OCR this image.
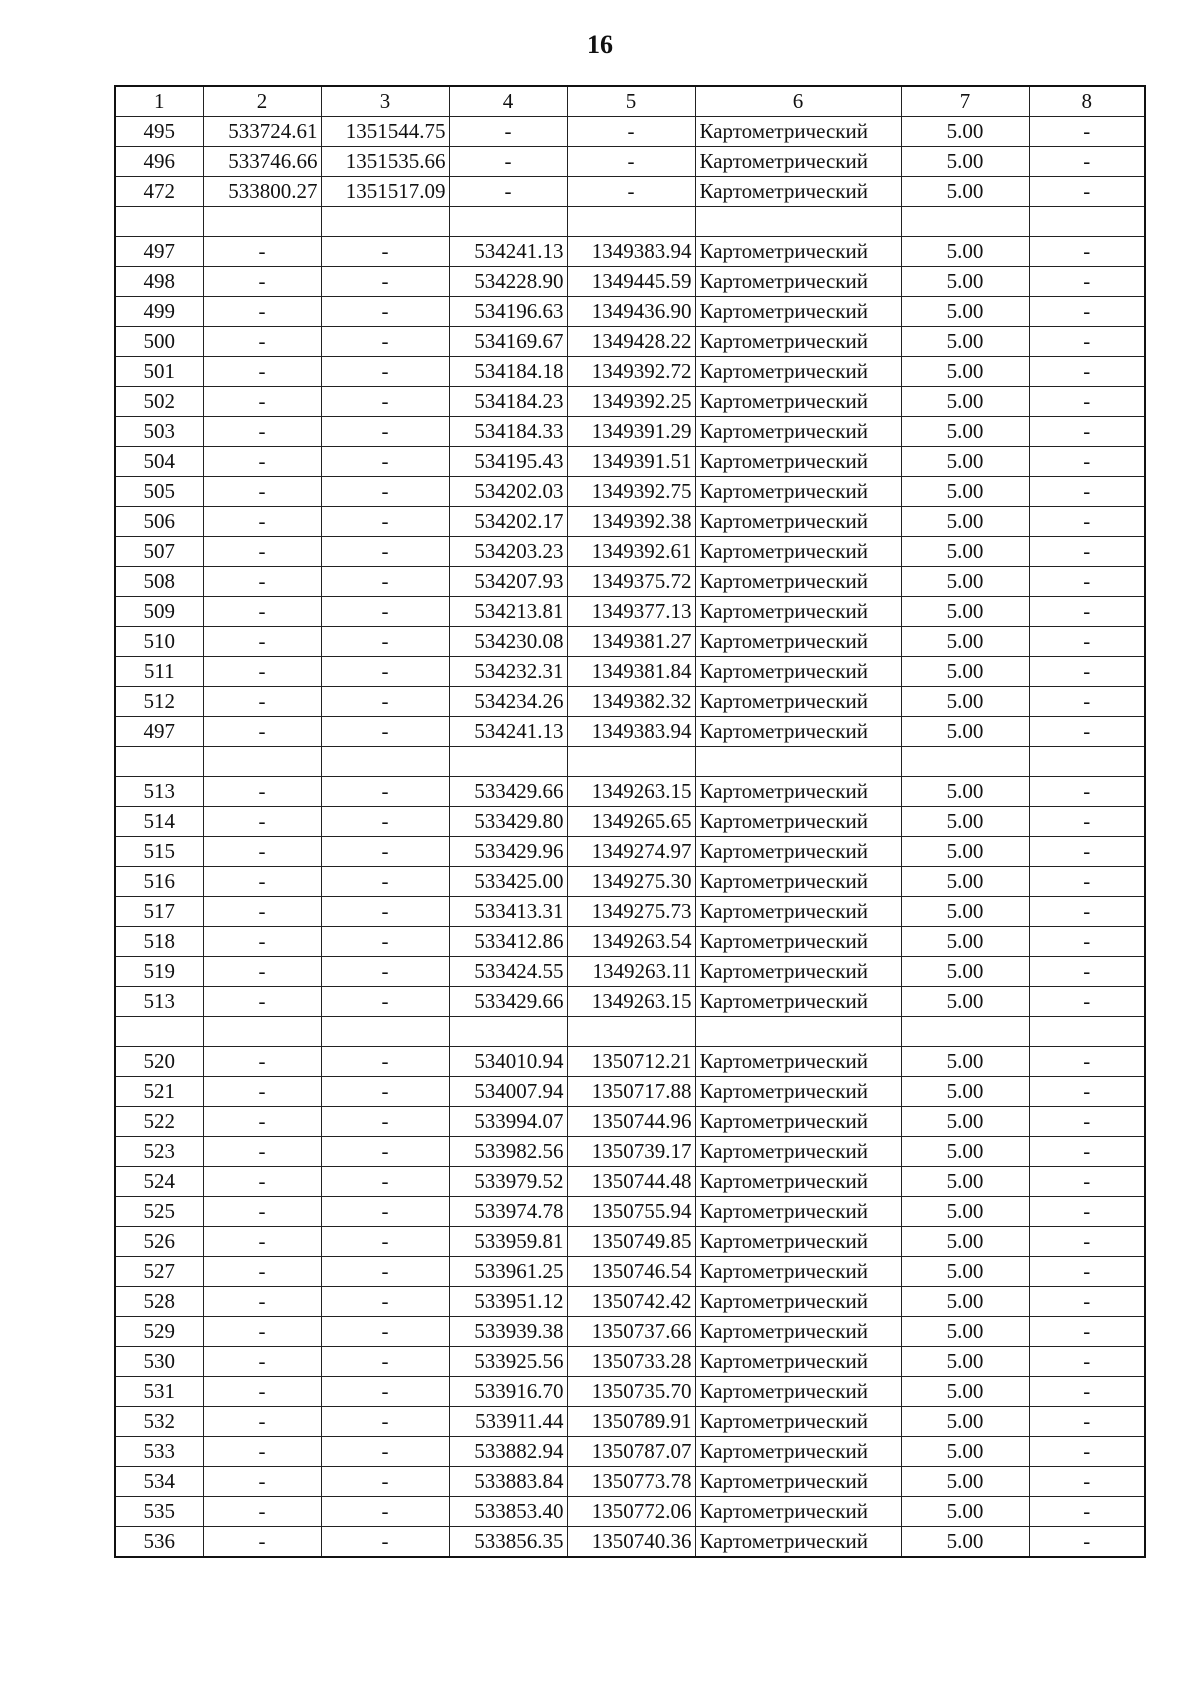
16
1	2	3	4	5	6	7	8
495	533724.61	1351544.75	-	-	Картометрический	5.00	-
496	533746.66	1351535.66	-	-	Картометрический	5.00	-
472	533800.27	1351517.09	-	-	Картометрический	5.00	-

497	-	-	534241.13	1349383.94	Картометрический	5.00	-
498	-	-	534228.90	1349445.59	Картометрический	5.00	-
499	-	-	534196.63	1349436.90	Картометрический	5.00	-
500	-	-	534169.67	1349428.22	Картометрический	5.00	-
501	-	-	534184.18	1349392.72	Картометрический	5.00	-
502	-	-	534184.23	1349392.25	Картометрический	5.00	-
503	-	-	534184.33	1349391.29	Картометрический	5.00	-
504	-	-	534195.43	1349391.51	Картометрический	5.00	-
505	-	-	534202.03	1349392.75	Картометрический	5.00	-
506	-	-	534202.17	1349392.38	Картометрический	5.00	-
507	-	-	534203.23	1349392.61	Картометрический	5.00	-
508	-	-	534207.93	1349375.72	Картометрический	5.00	-
509	-	-	534213.81	1349377.13	Картометрический	5.00	-
510	-	-	534230.08	1349381.27	Картометрический	5.00	-
511	-	-	534232.31	1349381.84	Картометрический	5.00	-
512	-	-	534234.26	1349382.32	Картометрический	5.00	-
497	-	-	534241.13	1349383.94	Картометрический	5.00	-

513	-	-	533429.66	1349263.15	Картометрический	5.00	-
514	-	-	533429.80	1349265.65	Картометрический	5.00	-
515	-	-	533429.96	1349274.97	Картометрический	5.00	-
516	-	-	533425.00	1349275.30	Картометрический	5.00	-
517	-	-	533413.31	1349275.73	Картометрический	5.00	-
518	-	-	533412.86	1349263.54	Картометрический	5.00	-
519	-	-	533424.55	1349263.11	Картометрический	5.00	-
513	-	-	533429.66	1349263.15	Картометрический	5.00	-

520	-	-	534010.94	1350712.21	Картометрический	5.00	-
521	-	-	534007.94	1350717.88	Картометрический	5.00	-
522	-	-	533994.07	1350744.96	Картометрический	5.00	-
523	-	-	533982.56	1350739.17	Картометрический	5.00	-
524	-	-	533979.52	1350744.48	Картометрический	5.00	-
525	-	-	533974.78	1350755.94	Картометрический	5.00	-
526	-	-	533959.81	1350749.85	Картометрический	5.00	-
527	-	-	533961.25	1350746.54	Картометрический	5.00	-
528	-	-	533951.12	1350742.42	Картометрический	5.00	-
529	-	-	533939.38	1350737.66	Картометрический	5.00	-
530	-	-	533925.56	1350733.28	Картометрический	5.00	-
531	-	-	533916.70	1350735.70	Картометрический	5.00	-
532	-	-	533911.44	1350789.91	Картометрический	5.00	-
533	-	-	533882.94	1350787.07	Картометрический	5.00	-
534	-	-	533883.84	1350773.78	Картометрический	5.00	-
535	-	-	533853.40	1350772.06	Картометрический	5.00	-
536	-	-	533856.35	1350740.36	Картометрический	5.00	-
